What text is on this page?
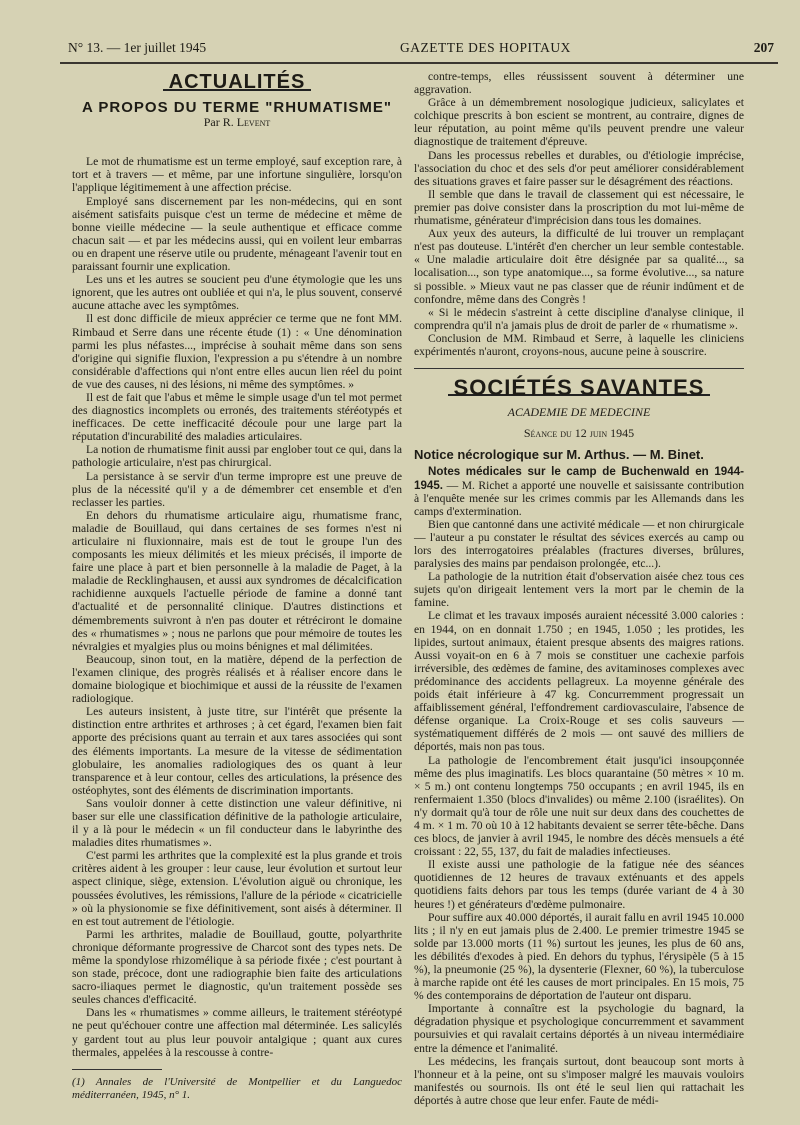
N° 13. — 1er juillet 1945	GAZETTE DES HOPITAUX	207
ACTUALITÉS
A PROPOS DU TERME "RHUMATISME"
Par R. Levent

Le mot de rhumatisme est un terme employé, sauf exception rare, à tort et à travers — et même, par une infortune singulière, lorsqu'on l'applique légitimement à une affection précise.

Employé sans discernement par les non-médecins, qui en sont aisément satisfaits puisque c'est un terme de médecine et même de bonne vieille médecine — la seule authentique et efficace comme chacun sait — et par les médecins aussi, qui en voilent leur embarras ou en drapent une réserve utile ou prudente, ménageant l'avenir tout en paraissant fournir une explication.

Les uns et les autres se soucient peu d'une étymologie que les uns ignorent, que les autres ont oubliée et qui n'a, le plus souvent, conservé aucune attache avec les symptômes.

Il est donc difficile de mieux apprécier ce terme que ne font MM. Rimbaud et Serre dans une récente étude (1) : « Une dénomination parmi les plus néfastes..., imprécise à souhait même dans son sens d'origine qui signifie fluxion, l'expression a pu s'étendre à un nombre considérable d'affections qui n'ont entre elles aucun lien réel du point de vue des causes, ni des lésions, ni même des symptômes. »

Il est de fait que l'abus et même le simple usage d'un tel mot permet des diagnostics incomplets ou erronés, des traitements stéréotypés et inefficaces. De cette inefficacité découle pour une large part la réputation d'incurabilité des maladies articulaires.

La notion de rhumatisme finit aussi par englober tout ce qui, dans la pathologie articulaire, n'est pas chirurgical.

La persistance à se servir d'un terme impropre est une preuve de plus de la nécessité qu'il y a de démembrer cet ensemble et d'en reclasser les parties.

En dehors du rhumatisme articulaire aigu, rhumatisme franc, maladie de Bouillaud, qui dans certaines de ses formes n'est ni articulaire ni fluxionnaire, mais est de tout le groupe l'un des composants les mieux délimités et les mieux précisés, il importe de faire une place à part et bien personnelle à la maladie de Paget, à la maladie de Recklinghausen, et aussi aux syndromes de décalcification rachidienne auxquels l'actuelle période de famine a donné tant d'actualité et de personnalité clinique. D'autres distinctions et démembrements suivront à n'en pas douter et rétréciront le domaine des « rhumatismes » ; nous ne parlons que pour mémoire de toutes les névralgies et myalgies plus ou moins bénignes et mal délimitées.

Beaucoup, sinon tout, en la matière, dépend de la perfection de l'examen clinique, des progrès réalisés et à réaliser encore dans le domaine biologique et biochimique et aussi de la réussite de l'examen radiologique.

Les auteurs insistent, à juste titre, sur l'intérêt que présente la distinction entre arthrites et arthroses ; à cet égard, l'examen bien fait apporte des précisions quant au terrain et aux tares associées qui sont des éléments importants. La mesure de la vitesse de sédimentation globulaire, les anomalies radiologiques des os quant à leur transparence et à leur contour, celles des articulations, la présence des ostéophytes, sont des éléments de discrimination importants.

Sans vouloir donner à cette distinction une valeur définitive, ni baser sur elle une classification définitive de la pathologie articulaire, il y a là pour le médecin « un fil conducteur dans le labyrinthe des maladies dites rhumatismes ».

C'est parmi les arthrites que la complexité est la plus grande et trois critères aident à les grouper : leur cause, leur évolution et surtout leur aspect clinique, siège, extension. L'évolution aiguë ou chronique, les poussées évolutives, les rémissions, l'allure de la période « cicatricielle » où la physionomie se fixe définitivement, sont aisés à déterminer. Il en est tout autrement de l'étiologie.

Parmi les arthrites, maladie de Bouillaud, goutte, polyarthrite chronique déformante progressive de Charcot sont des types nets. De même la spondylose rhizomélique à sa période fixée ; c'est pourtant à son stade, précoce, dont une radiographie bien faite des articulations sacro-iliaques permet le diagnostic, qu'un traitement possède ses seules chances d'efficacité.

Dans les « rhumatismes » comme ailleurs, le traitement stéréotypé ne peut qu'échouer contre une affection mal déterminée. Les salicylés y gardent tout au plus leur pouvoir antalgique ; quant aux cures thermales, appelées à la rescousse à contre-

(1) Annales de l'Université de Montpellier et du Languedoc méditerranéen, 1945, n° 1.

contre-temps, elles réussissent souvent à déterminer une aggravation.

Grâce à un démembrement nosologique judicieux, salicylates et colchique prescrits à bon escient se montrent, au contraire, dignes de leur réputation, au point même qu'ils peuvent prendre une valeur diagnostique de traitement d'épreuve.

Dans les processus rebelles et durables, ou d'étiologie imprécise, l'association du choc et des sels d'or peut améliorer considérablement des situations graves et faire passer sur le désagrément des réactions.

Il semble que dans le travail de classement qui est nécessaire, le premier pas doive consister dans la proscription du mot lui-même de rhumatisme, générateur d'imprécision dans tous les domaines.

Aux yeux des auteurs, la difficulté de lui trouver un remplaçant n'est pas douteuse. L'intérêt d'en chercher un leur semble contestable. « Une maladie articulaire doit être désignée par sa qualité..., sa localisation..., son type anatomique..., sa forme évolutive..., sa nature si possible. » Mieux vaut ne pas classer que de réunir indûment et de confondre, même dans des Congrès !

« Si le médecin s'astreint à cette discipline d'analyse clinique, il comprendra qu'il n'a jamais plus de droit de parler de « rhumatisme ».

Conclusion de MM. Rimbaud et Serre, à laquelle les cliniciens expérimentés n'auront, croyons-nous, aucune peine à souscrire.

SOCIÉTÉS SAVANTES
ACADEMIE DE MEDECINE
Séance du 12 juin 1945
Notice nécrologique sur M. Arthus. — M. Binet.

Notes médicales sur le camp de Buchenwald en 1944-1945. — M. Richet a apporté une nouvelle et saisissante contribution à l'enquête menée sur les crimes commis par les Allemands dans les camps d'extermination.

Bien que cantonné dans une activité médicale — et non chirurgicale — l'auteur a pu constater le résultat des sévices exercés au camp ou lors des interrogatoires préalables (fractures diverses, brûlures, paralysies des mains par pendaison prolongée, etc...).

La pathologie de la nutrition était d'observation aisée chez tous ces sujets qu'on dirigeait lentement vers la mort par le chemin de la famine.

Le climat et les travaux imposés auraient nécessité 3.000 calories : en 1944, on en donnait 1.750 ; en 1945, 1.050 ; les protides, les lipides, surtout animaux, étaient presque absents des maigres rations. Aussi voyait-on en 6 à 7 mois se constituer une cachexie parfois irréversible, des œdèmes de famine, des avitaminoses complexes avec prédominance des accidents pellagreux. La moyenne générale des poids était inférieure à 47 kg. Concurremment progressait un affaiblissement général, l'effondrement cardiovasculaire, l'absence de défense organique. La Croix-Rouge et ses colis sauveurs — systématiquement différés de 2 mois — ont sauvé des milliers de déportés, mais non pas tous.

La pathologie de l'encombrement était jusqu'ici insoupçonnée même des plus imaginatifs. Les blocs quarantaine (50 mètres × 10 m. × 5 m.) ont contenu longtemps 750 occupants ; en avril 1945, ils en renfermaient 1.350 (blocs d'invalides) ou même 2.100 (israélites). On n'y dormait qu'à tour de rôle une nuit sur deux dans des couchettes de 4 m. × 1 m. 70 où 10 à 12 habitants devaient se serrer tête-bêche. Dans ces blocs, de janvier à avril 1945, le nombre des décès mensuels a été croissant : 22, 55, 137, du fait de maladies infectieuses.

Il existe aussi une pathologie de la fatigue née des séances quotidiennes de 12 heures de travaux exténuants et des appels quotidiens faits dehors par tous les temps (durée variant de 4 à 30 heures !) et générateurs d'œdème pulmonaire.

Pour suffire aux 40.000 déportés, il aurait fallu en avril 1945 10.000 lits ; il n'y en eut jamais plus de 2.400. Le premier trimestre 1945 se solde par 13.000 morts (11 %) surtout les jeunes, les plus de 60 ans, les débilités d'exodes à pied. En dehors du typhus, l'érysipèle (5 à 15 %), la pneumonie (25 %), la dysenterie (Flexner, 60 %), la tuberculose à marche rapide ont été les causes de mort principales. En 15 mois, 75 % des contemporains de déportation de l'auteur ont disparu.

Importante à connaître est la psychologie du bagnard, la dégradation physique et psychologique concurremment et savamment poursuivies et qui ravalait certains déportés à un niveau intermédiaire entre la démence et l'animalité.

Les médecins, les français surtout, dont beaucoup sont morts à l'honneur et à la peine, ont su s'imposer malgré les mauvais vouloirs manifestés ou sournois. Ils ont été le seul lien qui rattachait les déportés à autre chose que leur enfer. Faute de médi-
